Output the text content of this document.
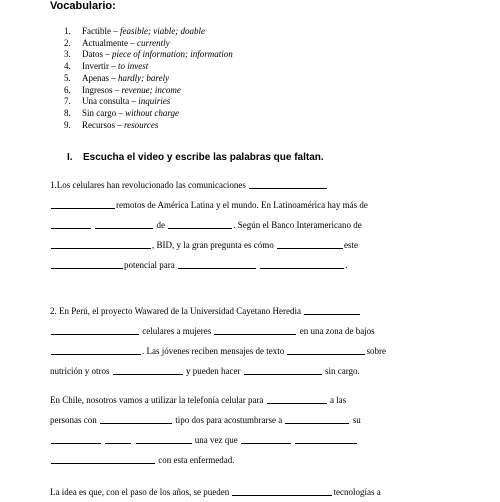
Vocabulario:
1. Factible – feasible; viable; doable
2. Actualmente – currently
3. Datos – piece of information; information
4. Invertir – to invest
5. Apenas – hardly; barely
6. Ingresos – revenue; income
7. Una consulta – inquiries
8. Sin cargo – without charge
9. Recursos – resources
I. Escucha el video y escribe las palabras que faltan.
1.Los celulares han revolucionado las comunicaciones
remotos de América Latina y el mundo. En Latinoamérica hay más de
de	. Según el Banco Interamericano de
, BID, y la gran pregunta es cómo	este
potencial para	.
2. En Perú, el proyecto Wawared de la Universidad Cayetano Heredia
celulares a mujeres	en una zona de bajos
. Las jóvenes reciben mensajes de texto	sobre
nutrición y otros	y pueden hacer	sin cargo.
En Chile, nosotros vamos a utilizar la telefonía celular para	a las
personas con	tipo dos para acostumbrarse a	su
una vez que
con esta enfermedad.
La idea es que, con el paso de los años, se pueden	tecnologías a
